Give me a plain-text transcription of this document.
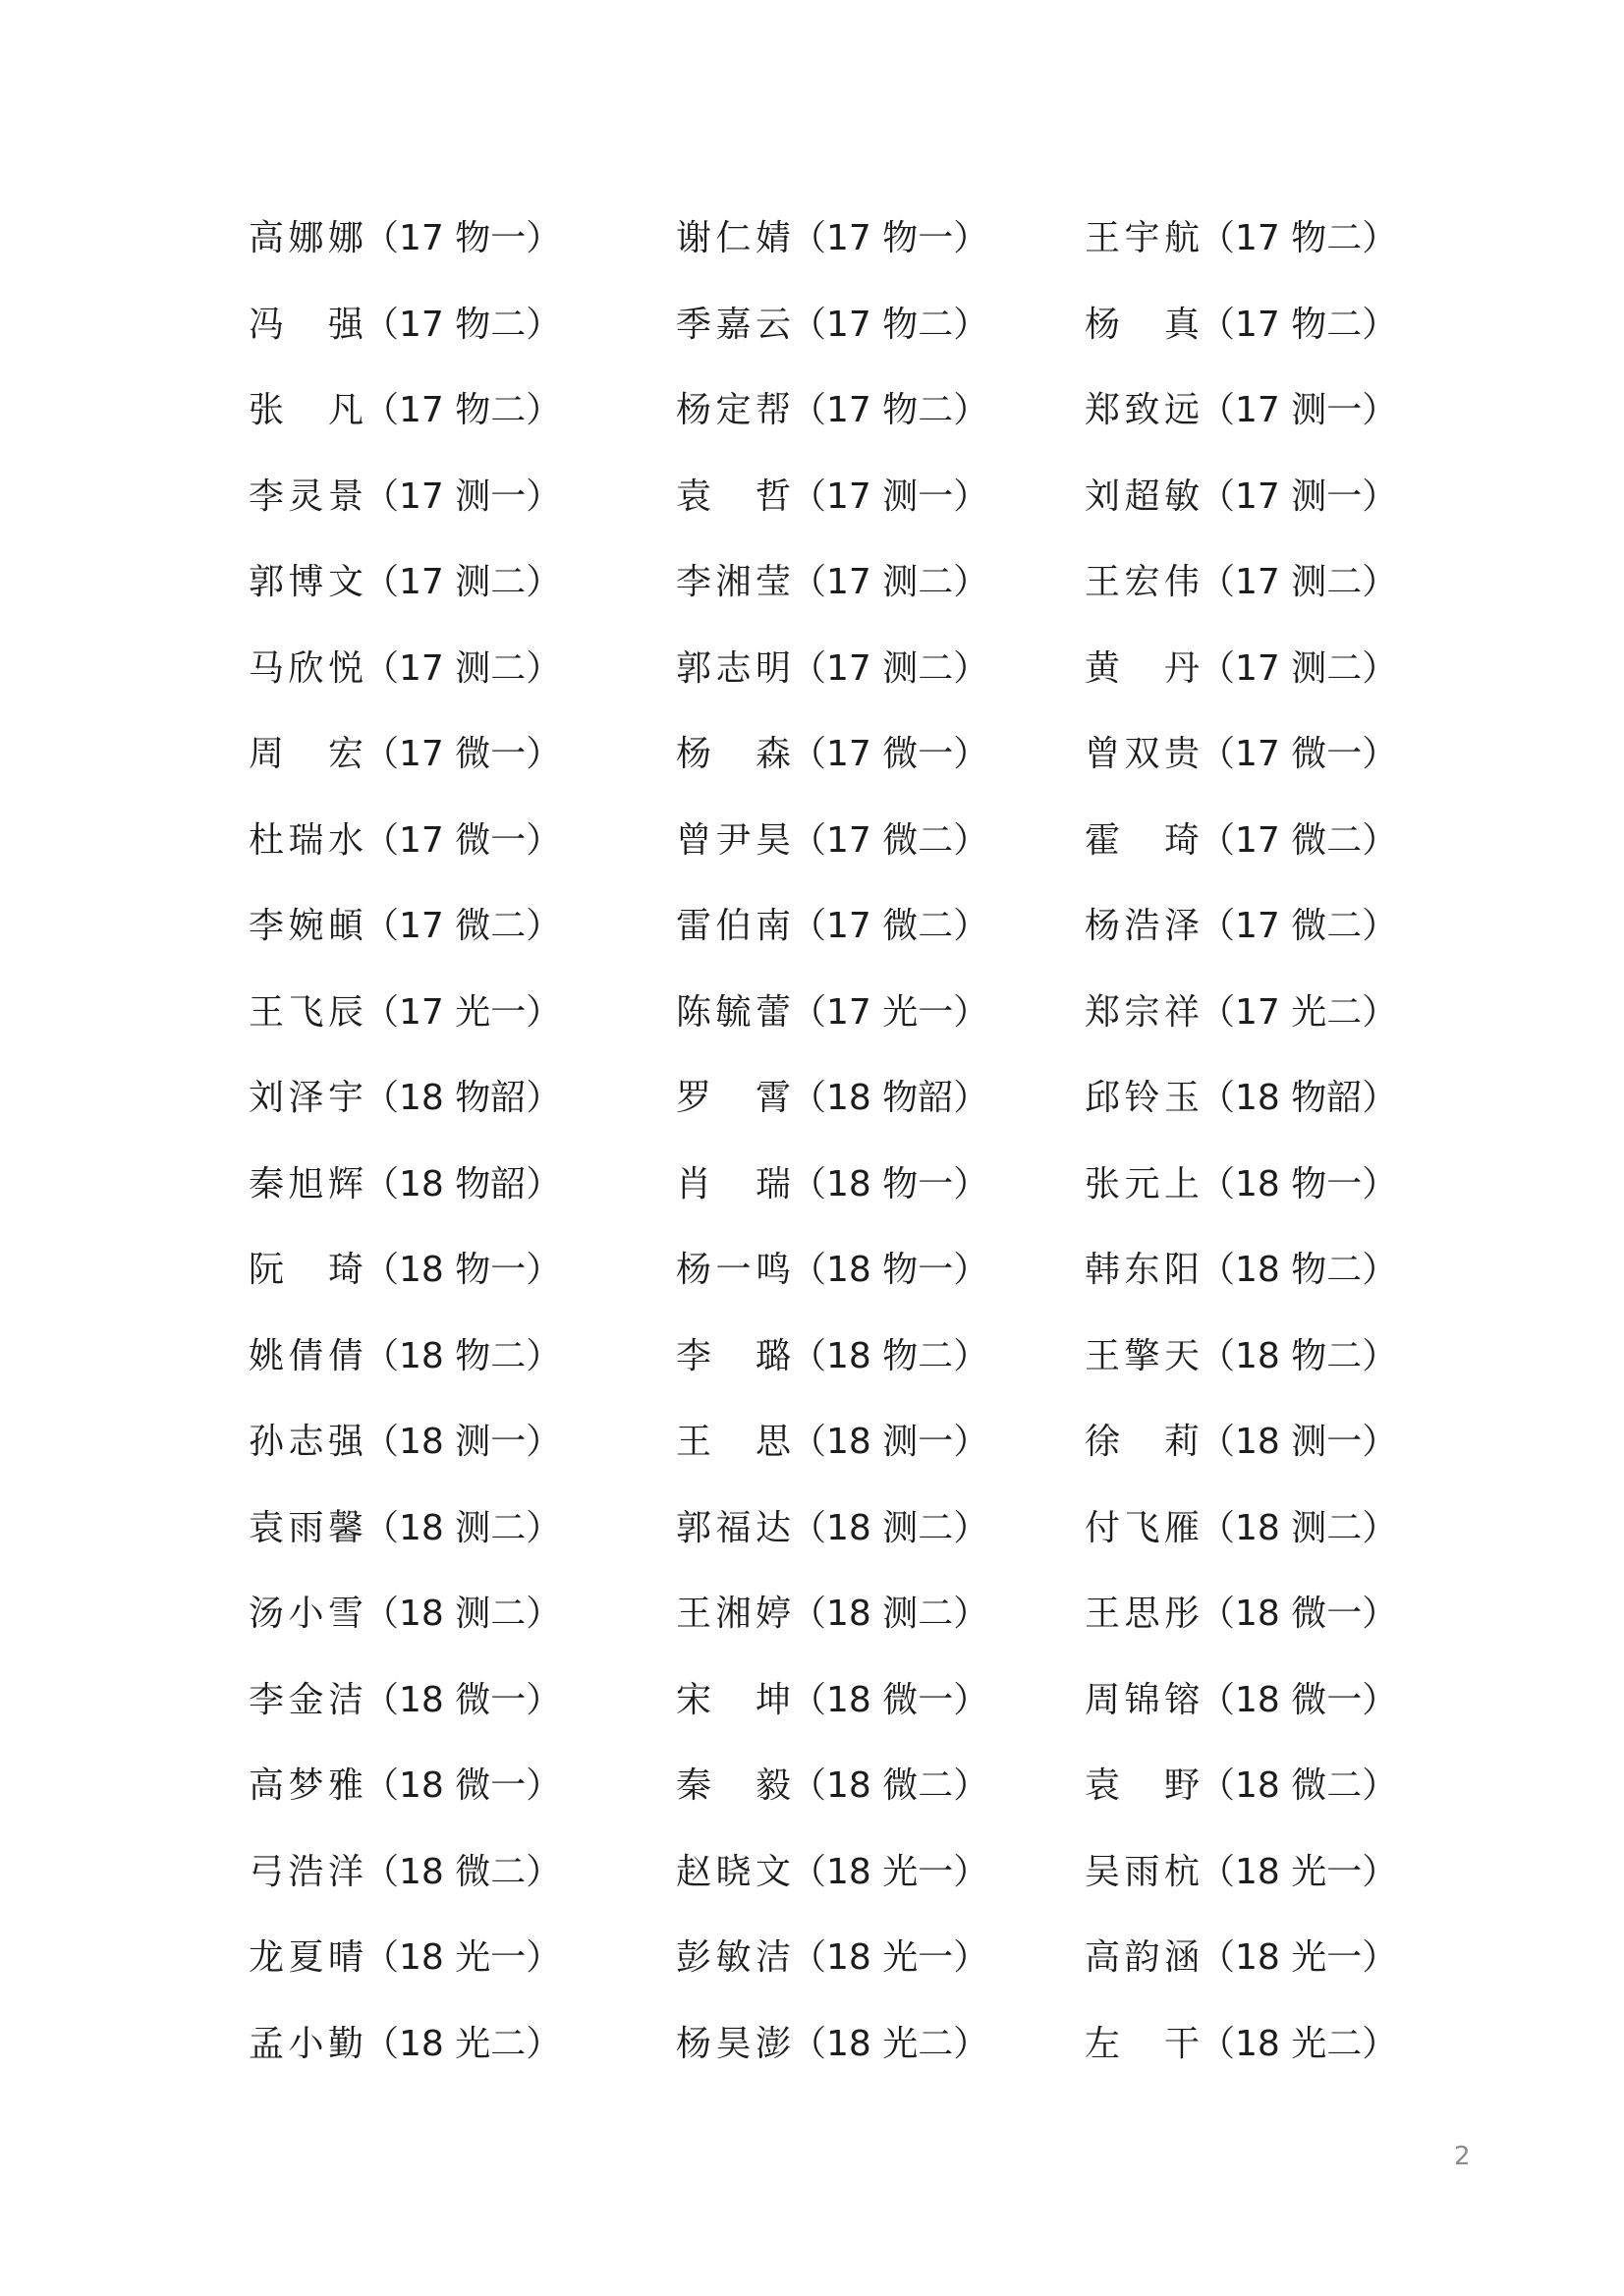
高娜娜（17 物一）	谢仁婧（17 物一）	王宇航（17 物二）
冯 强（17 物二）	季嘉云（17 物二）	杨 真（17 物二）
张 凡（17 物二）	杨定帮（17 物二）	郑致远（17 测一）
李灵景（17 测一）	袁 哲（17 测一）	刘超敏（17 测一）
郭博文（17 测二）	李湘莹（17 测二）	王宏伟（17 测二）
马欣悦（17 测二）	郭志明（17 测二）	黄 丹（17 测二）
周 宏（17 微一）	杨 森（17 微一）	曾双贵（17 微一）
杜瑞水（17 微一）	曾尹昊（17 微二）	霍 琦（17 微二）
李婉頔（17 微二）	雷伯南（17 微二）	杨浩泽（17 微二）
王飞辰（17 光一）	陈毓蕾（17 光一）	郑宗祥（17 光二）
刘泽宇（18 物韶）	罗 霄（18 物韶）	邱铃玉（18 物韶）
秦旭辉（18 物韶）	肖 瑞（18 物一）	张元上（18 物一）
阮 琦（18 物一）	杨一鸣（18 物一）	韩东阳（18 物二）
姚倩倩（18 物二）	李 璐（18 物二）	王擎天（18 物二）
孙志强（18 测一）	王 思（18 测一）	徐 莉（18 测一）
袁雨馨（18 测二）	郭福达（18 测二）	付飞雁（18 测二）
汤小雪（18 测二）	王湘婷（18 测二）	王思彤（18 微一）
李金洁（18 微一）	宋 坤（18 微一）	周锦镕（18 微一）
高梦雅（18 微一）	秦 毅（18 微二）	袁 野（18 微二）
弓浩洋（18 微二）	赵晓文（18 光一）	吴雨杭（18 光一）
龙夏晴（18 光一）	彭敏洁（18 光一）	高韵涵（18 光一）
孟小勤（18 光二）	杨昊澎（18 光二）	左 干（18 光二）
2
